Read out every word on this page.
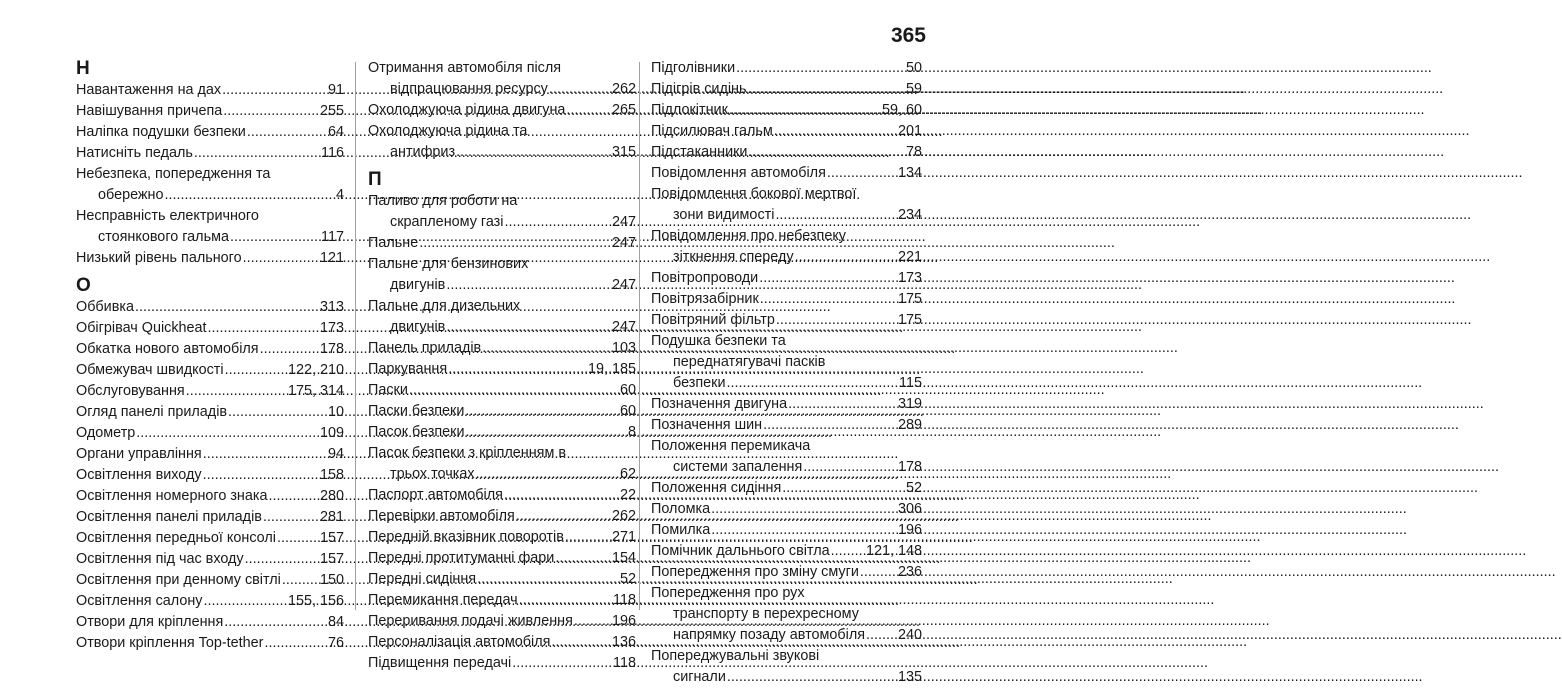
365
Н
Навантаження на дах .....	91
Навішування причепа .....	255
Наліпка подушки безпеки .....	64
Натисніть педаль .....	116
Небезпека, попередження та
обережно .....	4
Несправність електричного
стоянкового гальма .....	117
Низький рівень пального .....	121
О
Оббивка .....	313
Обігрівач Quickheat .....	173
Обкатка нового автомобіля .....	178
Обмежувач швидкості .....	122, 210
Обслуговування .....	175, 314
Огляд панелі приладів .....	10
Одометр .....	109
Органи управління .....	94
Освітлення виходу .....	158
Освітлення номерного знака .....	280
Освітлення панелі приладів .....	281
Освітлення передньої консолі .....	157
Освітлення під час входу .....	157
Освітлення при денному світлі .....	150
Освітлення салону .....	155, 156
Отвори для кріплення .....	84
Отвори кріплення Top-tether .....	76
Отримання автомобіля після
відпрацювання ресурсу .....	262
Охолоджуюча рідина двигуна .....	265
Охолоджуюча рідина та
антифриз .....	315
П
Паливо для роботи на
скрапленому газі .....	247
Пальне .....	247
Пальне для бензинових
двигунів .....	247
Пальне для дизельних
двигунів .....	247
Панель приладів .....	103
Паркування .....	19, 185
Паски .....	60
Паски безпеки .....	60
Пасок безпеки .....	8
Пасок безпеки з кріпленням в
трьох точках .....	62
Паспорт автомобіля .....	22
Перевірки автомобіля .....	262
Передній вказівник поворотів .....	271
Передні протитуманні фари .....	154
Передні сидіння .....	52
Перемикання передач .....	118
Переривання подачі живлення .....	196
Персоналізація автомобіля .....	136
Підвищення передачі .....	118
Підголівники .....	50
Підігрів сидінь .....	59
Підлокітник .....	59, 60
Підсилювач гальм .....	201
Підстаканники .....	78
Повідомлення автомобіля .....	134
Повідомлення бокової мертвої
зони видимості .....	234
Повідомлення про небезпеку
зіткнення спереду .....	221
Повітропроводи .....	173
Повітрязабірник .....	175
Повітряний фільтр .....	175
Подушка безпеки та
переднатягувачі пасків
безпеки .....	115
Позначення двигуна .....	319
Позначення шин .....	289
Положення перемикача
системи запалення .....	178
Положення сидіння .....	52
Поломка .....	306
Помилка .....	196
Помічник дальнього світла .....	121, 148
Попередження про зміну смуги .....	236
Попередження про рух
транспорту в перехресному
напрямку позаду автомобіля ..... 240
Попереджувальні звукові
сигнали .....	135
